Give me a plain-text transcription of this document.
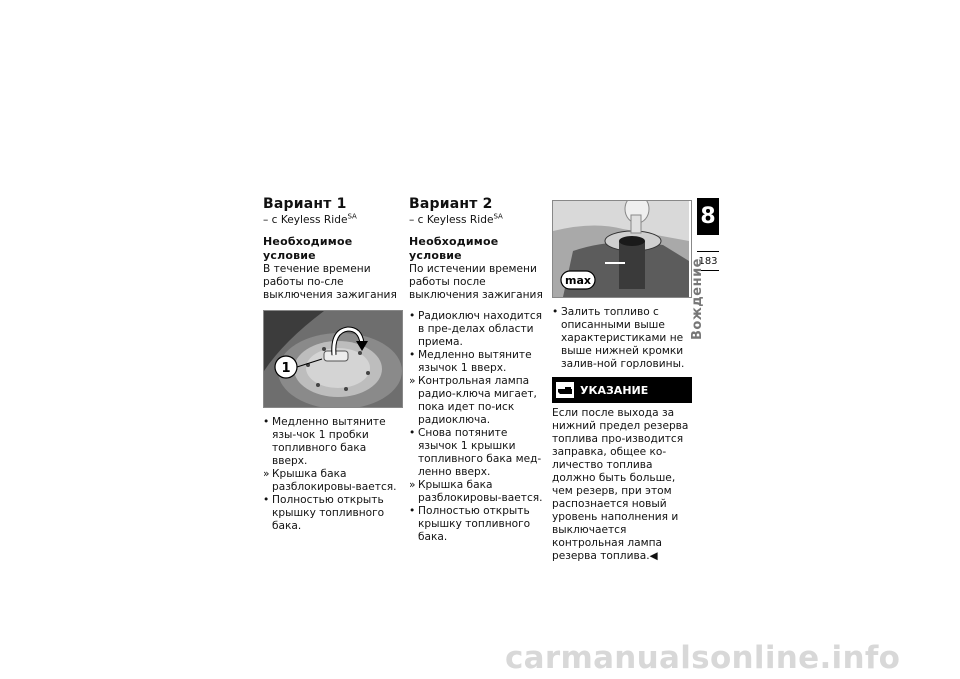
Вариант 1
– с Keyless Ride$^{SA}$
Необходимое условие

В течение времени работы по-сле выключения зажигания

1
• Медленно вытяните язы-чок 1 пробки топливного бака вверх.
» Крышка бака разблокировы-вается.
• Полностью открыть крышку топливного бака.
Вариант 2
– с Keyless Ride$^{SA}$
Необходимое условие

По истечении времени работы после выключения зажигания

• Радиоключ находится в пре-делах области приема.
• Медленно вытяните язычок 1 вверх.
» Контрольная лампа радио-ключа мигает, пока идет по-иск радиоключа.
• Снова потяните язычок 1 крышки топливного бака мед-ленно вверх.
» Крышка бака разблокировы-вается.
• Полностью открыть крышку топливного бака.
max
• Залить топливо с описанными выше характеристиками не выше нижней кромки залив-ной горловины.
УКАЗАНИЕ

Если после выхода за нижний предел резерва топлива про-изводится заправка, общее ко-личество топлива должно быть больше, чем резерв, при этом распознается новый уровень наполнения и выключается контрольная лампа резерва топлива.◀

8
183
Вождение
carmanualsonline.info
